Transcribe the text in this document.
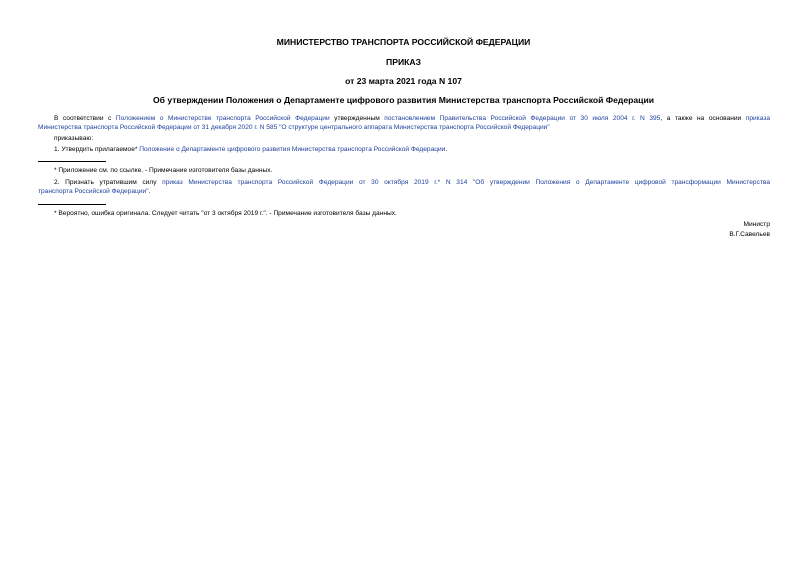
МИНИСТЕРСТВО ТРАНСПОРТА РОССИЙСКОЙ ФЕДЕРАЦИИ
ПРИКАЗ
от 23 марта 2021 года N 107
Об утверждении Положения о Департаменте цифрового развития Министерства транспорта Российской Федерации
В соответствии с Положением о Министерстве транспорта Российской Федерации утвержденным постановлением Правительства Российской Федерации от 30 июля 2004 г. N 395, а также на основании приказа
Министерства транспорта Российской Федерации от 31 декабря 2020 г. N 585 "О структуре центрального аппарата Министерства транспорта Российской Федерации"
приказываю:
1. Утвердить прилагаемое* Положение о Департаменте цифрового развития Министерства транспорта Российской Федерации.
* Приложение см. по ссылке. - Примечание изготовителя базы данных.
2. Признать утратившим силу приказ Министерства транспорта Российской Федерации от 30 октября 2019 г.* N 314 "Об утверждении Положения о Департаменте цифровой трансформации Министерства
транспорта Российской Федерации".
* Вероятно, ошибка оригинала. Следует читать "от 3 октября 2019 г.". - Примечание изготовителя базы данных.
Министр
В.Г.Савельев
